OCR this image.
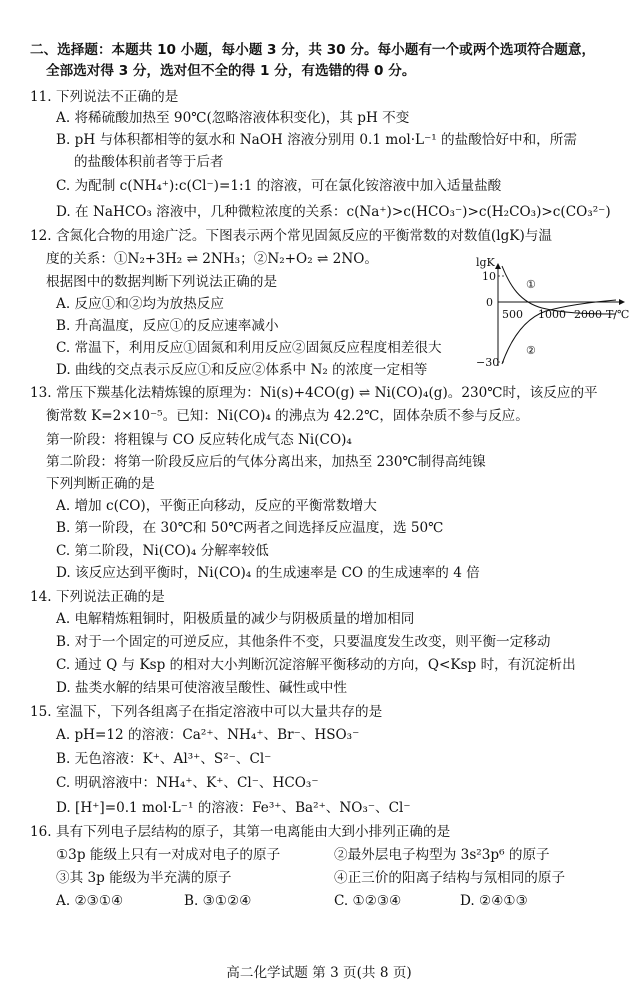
二、选择题：本题共 10 小题，每小题 3 分，共 30 分。每小题有一个或两个选项符合题意，
全部选对得 3 分，选对但不全的得 1 分，有选错的得 0 分。
11. 下列说法不正确的是
A. 将稀硫酸加热至 90℃(忽略溶液体积变化)，其 pH 不变
B. pH 与体积都相等的氨水和 NaOH 溶液分别用 0.1 mol·L⁻¹ 的盐酸恰好中和，所需
的盐酸体积前者等于后者
C. 为配制 c(NH₄⁺):c(Cl⁻)=1:1 的溶液，可在氯化铵溶液中加入适量盐酸
D. 在 NaHCO₃ 溶液中，几种微粒浓度的关系：c(Na⁺)>c(HCO₃⁻)>c(H₂CO₃)>c(CO₃²⁻)
12. 含氮化合物的用途广泛。下图表示两个常见固氮反应的平衡常数的对数值(lgK)与温
度的关系：①N₂+3H₂ ⇌ 2NH₃；②N₂+O₂ ⇌ 2NO。
根据图中的数据判断下列说法正确的是
A. 反应①和②均为放热反应
B. 升高温度，反应①的反应速率减小
C. 常温下，利用反应①固氮和利用反应②固氮反应程度相差很大
D. 曲线的交点表示反应①和反应②体系中 N₂ 的浓度一定相等
lgK
10
0
−30
500 1000 2000 T/℃
①
②
13. 常压下羰基化法精炼镍的原理为：Ni(s)+4CO(g) ⇌ Ni(CO)₄(g)。230℃时，该反应的平
衡常数 K=2×10⁻⁵。已知：Ni(CO)₄ 的沸点为 42.2℃，固体杂质不参与反应。
第一阶段：将粗镍与 CO 反应转化成气态 Ni(CO)₄
第二阶段：将第一阶段反应后的气体分离出来，加热至 230℃制得高纯镍
下列判断正确的是
A. 增加 c(CO)，平衡正向移动，反应的平衡常数增大
B. 第一阶段，在 30℃和 50℃两者之间选择反应温度，选 50℃
C. 第二阶段，Ni(CO)₄ 分解率较低
D. 该反应达到平衡时，Ni(CO)₄ 的生成速率是 CO 的生成速率的 4 倍
14. 下列说法正确的是
A. 电解精炼粗铜时，阳极质量的减少与阴极质量的增加相同
B. 对于一个固定的可逆反应，其他条件不变，只要温度发生改变，则平衡一定移动
C. 通过 Q 与 Ksp 的相对大小判断沉淀溶解平衡移动的方向，Q<Ksp 时，有沉淀析出
D. 盐类水解的结果可使溶液呈酸性、碱性或中性
15. 室温下，下列各组离子在指定溶液中可以大量共存的是
A. pH=12 的溶液：Ca²⁺、NH₄⁺、Br⁻、HSO₃⁻
B. 无色溶液：K⁺、Al³⁺、S²⁻、Cl⁻
C. 明矾溶液中：NH₄⁺、K⁺、Cl⁻、HCO₃⁻
D. [H⁺]=0.1 mol·L⁻¹ 的溶液：Fe³⁺、Ba²⁺、NO₃⁻、Cl⁻
16. 具有下列电子层结构的原子，其第一电离能由大到小排列正确的是
①3p 能级上只有一对成对电子的原子	②最外层电子构型为 3s²3p⁶ 的原子
③其 3p 能级为半充满的原子	④正三价的阳离子结构与氖相同的原子
A. ②③①④	B. ③①②④	C. ①②③④	D. ②④①③
高二化学试题 第 3 页(共 8 页)
